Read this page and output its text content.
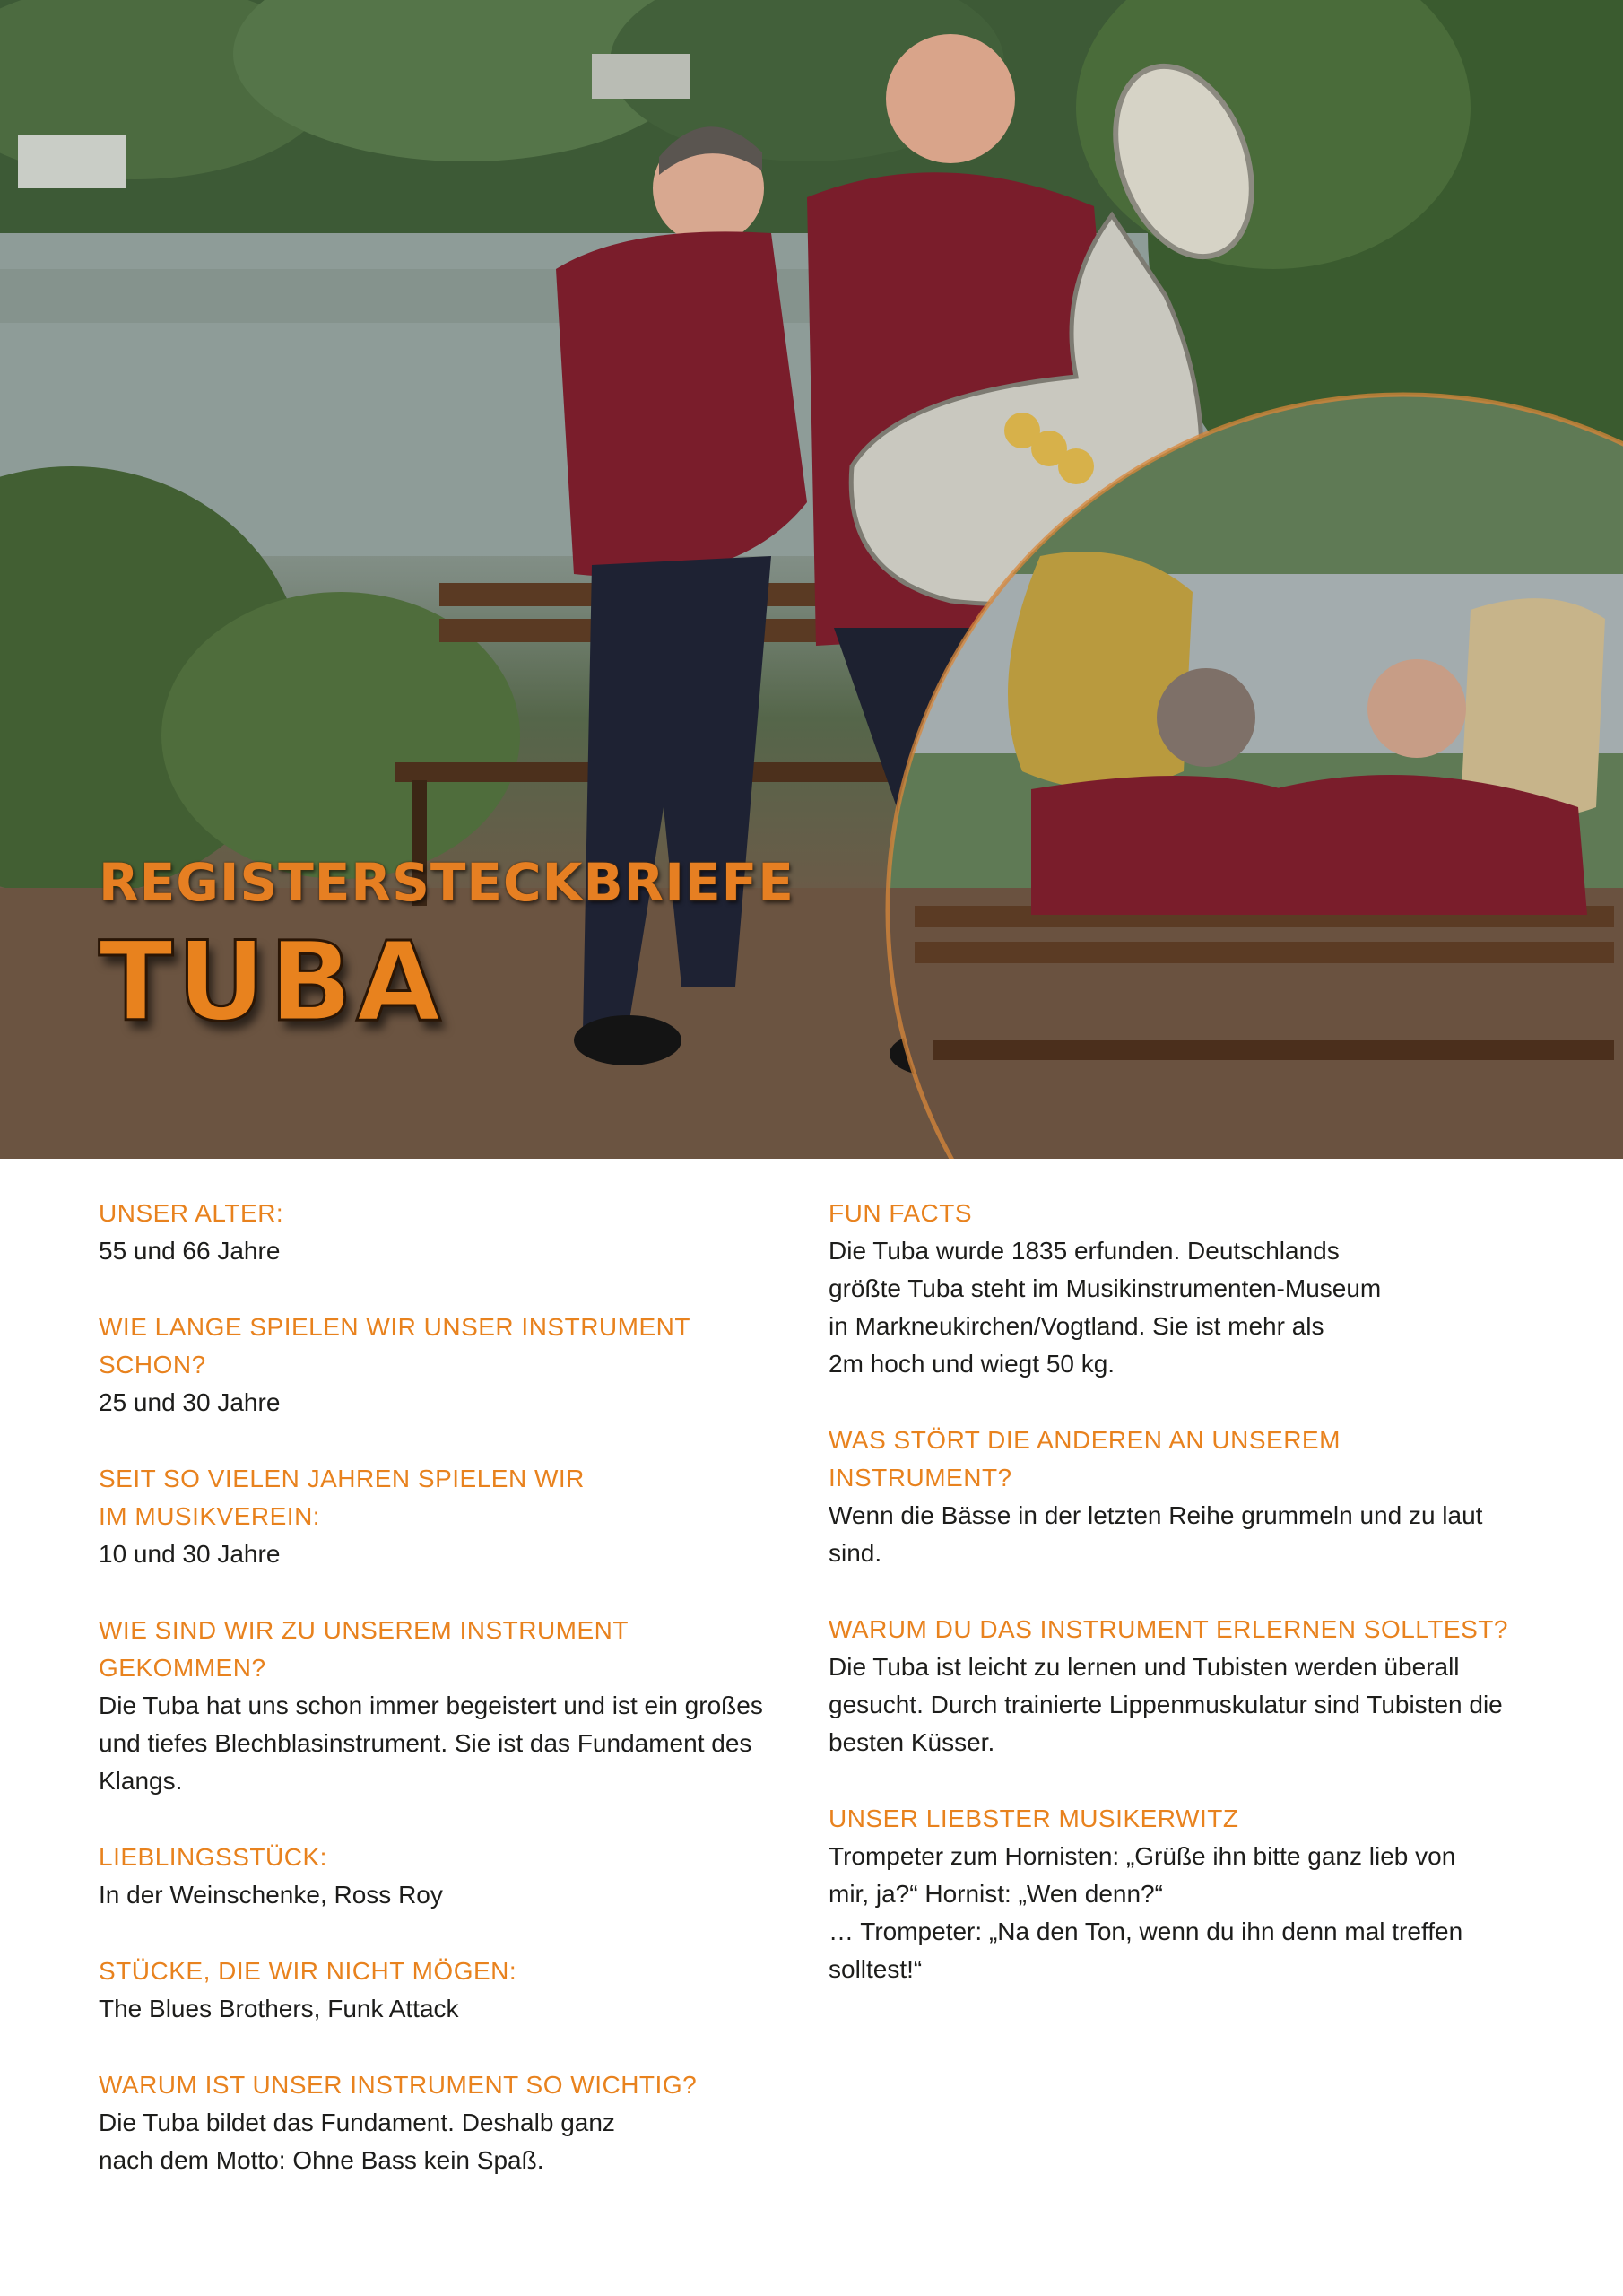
REGISTERSTECKBRIEFE
TUBA
UNSER ALTER:
55 und 66 Jahre
WIE LANGE SPIELEN WIR UNSER INSTRUMENT
SCHON?
25 und 30 Jahre
SEIT SO VIELEN JAHREN SPIELEN WIR
IM MUSIKVEREIN:
10 und 30 Jahre
WIE SIND WIR ZU UNSEREM INSTRUMENT
GEKOMMEN?
Die Tuba hat uns schon immer begeistert und ist ein großes
und tiefes Blechblasinstrument. Sie ist das Fundament des
Klangs.
LIEBLINGSSTÜCK:
In der Weinschenke, Ross Roy
STÜCKE, DIE WIR NICHT MÖGEN:
The Blues Brothers, Funk Attack
WARUM IST UNSER INSTRUMENT SO WICHTIG?
Die Tuba bildet das Fundament. Deshalb ganz
nach dem Motto: Ohne Bass kein Spaß.
FUN FACTS
Die Tuba wurde 1835 erfunden. Deutschlands
größte Tuba steht im Musikinstrumenten-Museum
in Markneukirchen/Vogtland. Sie ist mehr als
2m hoch und wiegt 50 kg.
WAS STÖRT DIE ANDEREN AN UNSEREM
INSTRUMENT?
Wenn die Bässe in der letzten Reihe grummeln und zu laut
sind.
WARUM DU DAS INSTRUMENT ERLERNEN SOLLTEST?
Die Tuba ist leicht zu lernen und Tubisten werden überall
gesucht. Durch trainierte Lippenmuskulatur sind Tubisten die
besten Küsser.
UNSER LIEBSTER MUSIKERWITZ
Trompeter zum Hornisten: „Grüße ihn bitte ganz lieb von
mir, ja?“ Hornist: „Wen denn?“
… Trompeter: „Na den Ton, wenn du ihn denn mal treffen
solltest!“
